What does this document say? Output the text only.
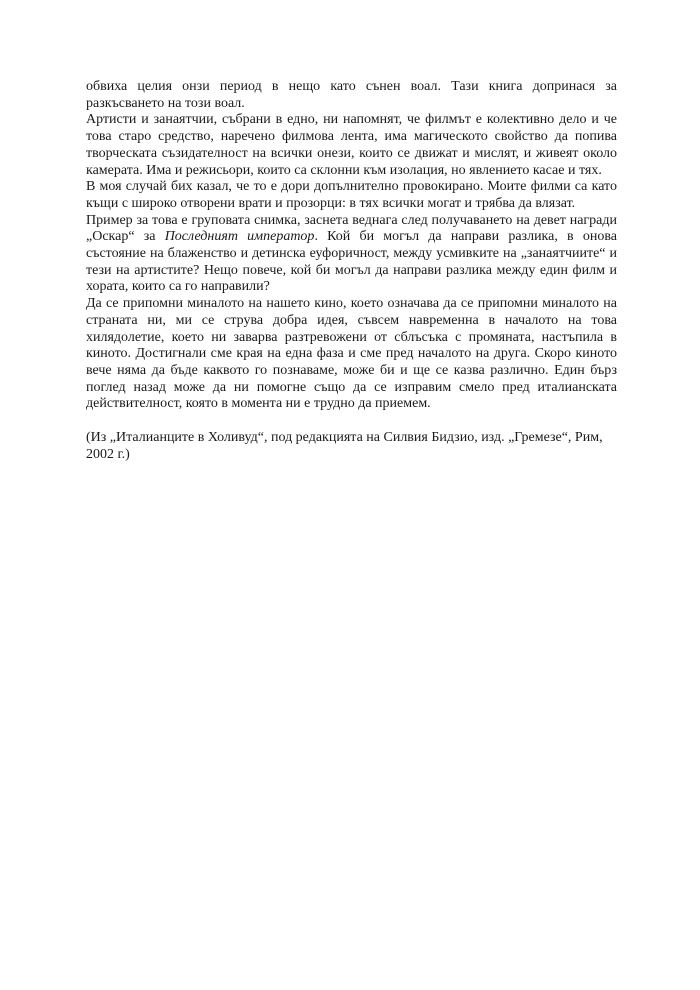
обвиха целия онзи период в нещо като сънен воал. Тази книга допринася за разкъсването на този воал.

Артисти и занаятчии, събрани в едно, ни напомнят, че филмът е колективно дело и че това старо средство, наречено филмова лента, има магическото свойство да попива творческата съзидателност на всички онези, които се движат и мислят, и живеят около камерата. Има и режисьори, които са склонни към изолация, но явлението касае и тях.

В моя случай бих казал, че то е дори допълнително провокирано. Моите филми са като къщи с широко отворени врати и прозорци: в тях всички могат и трябва да влязат.

Пример за това е груповата снимка, заснета веднага след получаването на девет награди „Оскар“ за Последният император. Кой би могъл да направи разлика, в онова състояние на блаженство и детинска еуфоричност, между усмивките на „занаятчиите“ и тези на артистите? Нещо повече, кой би могъл да направи разлика между един филм и хората, които са го направили?

Да се припомни миналото на нашето кино, което означава да се припомни миналото на страната ни, ми се струва добра идея, съвсем навременна в началото на това хилядолетие, което ни заварва разтревожени от сблъсъка с промяната, настъпила в киното. Достигнали сме края на една фаза и сме пред началото на друга. Скоро киното вече няма да бъде каквото го познаваме, може би и ще се казва различно. Един бърз поглед назад може да ни помогне също да се изправим смело пред италианската действителност, която в момента ни е трудно да приемем.

(Из „Италианците в Холивуд“, под редакцията на Силвия Бидзио, изд. „Гремезе“, Рим, 2002 г.)
